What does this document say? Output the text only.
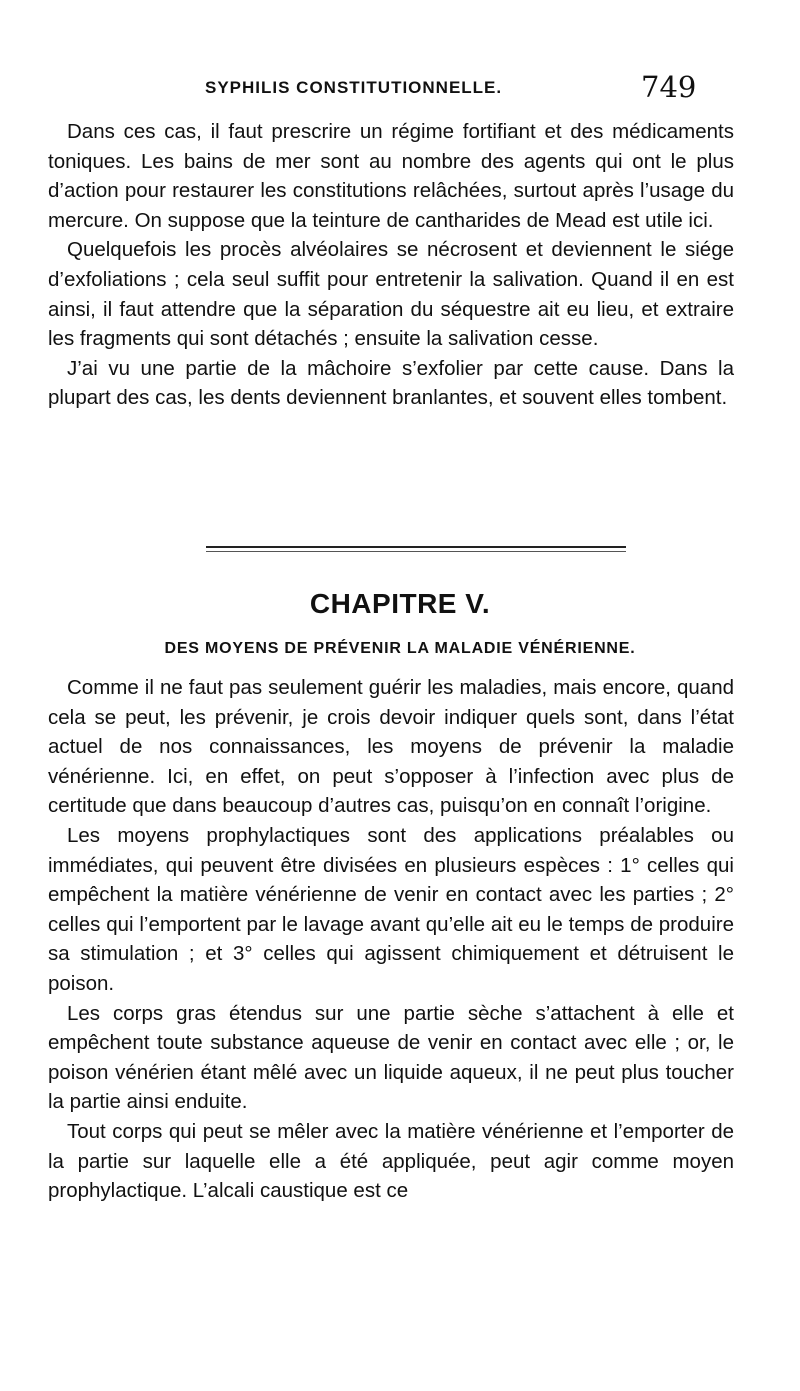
SYPHILIS CONSTITUTIONNELLE.	749

Dans ces cas, il faut prescrire un régime fortifiant et des médicaments toniques. Les bains de mer sont au nombre des agents qui ont le plus d’action pour restaurer les constitutions relâchées, surtout après l’usage du mercure. On suppose que la teinture de cantharides de Mead est utile ici.

Quelquefois les procès alvéolaires se nécrosent et deviennent le siége d’exfoliations ; cela seul suffit pour entretenir la salivation. Quand il en est ainsi, il faut attendre que la séparation du séquestre ait eu lieu, et extraire les fragments qui sont détachés ; ensuite la salivation cesse.

J’ai vu une partie de la mâchoire s’exfolier par cette cause. Dans la plupart des cas, les dents deviennent branlantes, et souvent elles tombent.

CHAPITRE V.
DES MOYENS DE PRÉVENIR LA MALADIE VÉNÉRIENNE.

Comme il ne faut pas seulement guérir les maladies, mais encore, quand cela se peut, les prévenir, je crois devoir indiquer quels sont, dans l’état actuel de nos connaissances, les moyens de prévenir la maladie vénérienne. Ici, en effet, on peut s’opposer à l’infection avec plus de certitude que dans beaucoup d’autres cas, puisqu’on en connaît l’origine.

Les moyens prophylactiques sont des applications préalables ou immédiates, qui peuvent être divisées en plusieurs espèces : 1° celles qui empêchent la matière vénérienne de venir en contact avec les parties ; 2° celles qui l’emportent par le lavage avant qu’elle ait eu le temps de produire sa stimulation ; et 3° celles qui agissent chimiquement et détruisent le poison.

Les corps gras étendus sur une partie sèche s’attachent à elle et empêchent toute substance aqueuse de venir en contact avec elle ; or, le poison vénérien étant mêlé avec un liquide aqueux, il ne peut plus toucher la partie ainsi enduite.

Tout corps qui peut se mêler avec la matière vénérienne et l’emporter de la partie sur laquelle elle a été appliquée, peut agir comme moyen prophylactique. L’alcali caustique est ce
